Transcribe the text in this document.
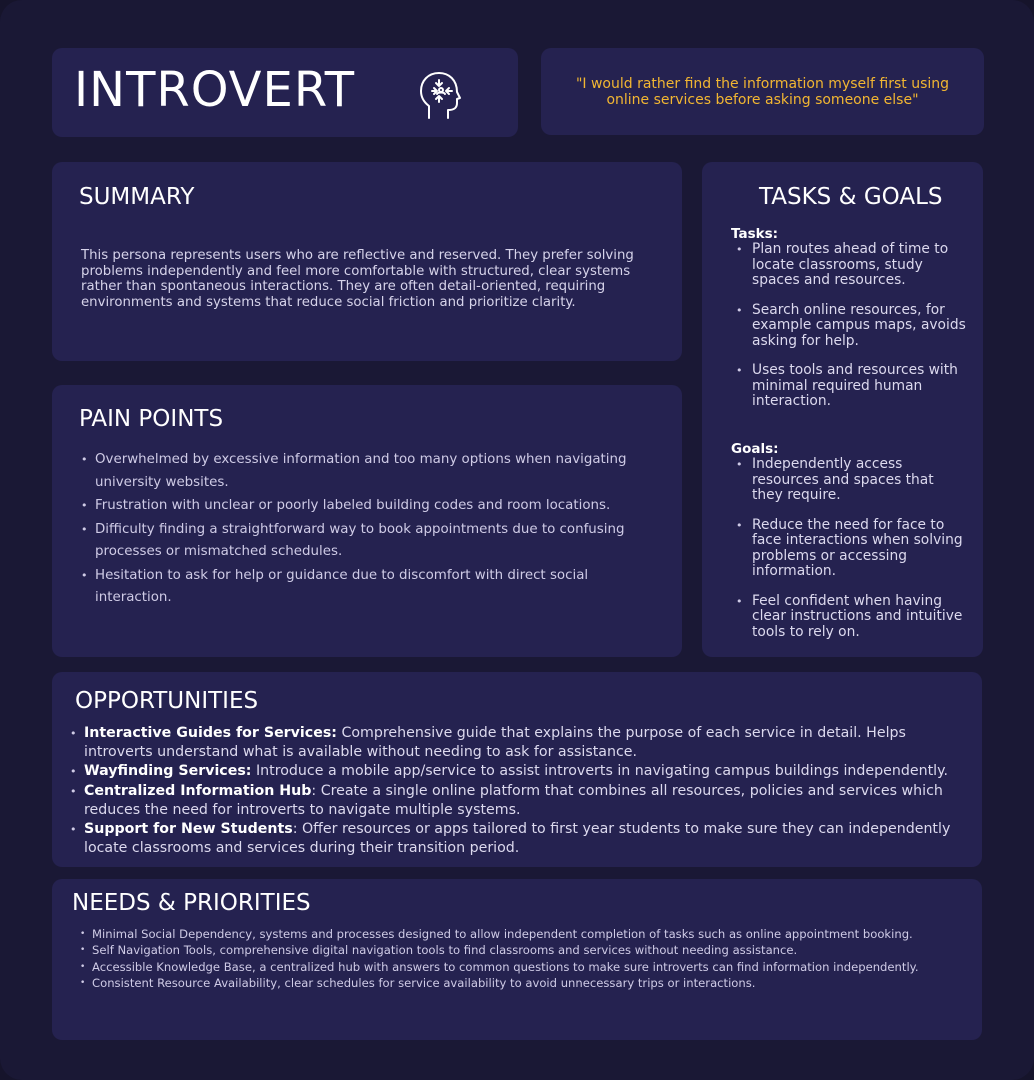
INTROVERT	"I would rather find the information myself first using online services before asking someone else"
SUMMARY
This persona represents users who are reflective and reserved. They prefer solving problems independently and feel more comfortable with structured, clear systems rather than spontaneous interactions. They are often detail-oriented, requiring environments and systems that reduce social friction and prioritize clarity.
PAIN POINTS
• Overwhelmed by excessive information and too many options when navigating university websites.
• Frustration with unclear or poorly labeled building codes and room locations.
• Difficulty finding a straightforward way to book appointments due to confusing processes or mismatched schedules.
• Hesitation to ask for help or guidance due to discomfort with direct social interaction.
TASKS & GOALS
Tasks:
• Plan routes ahead of time to locate classrooms, study spaces and resources.
• Search online resources, for example campus maps, avoids asking for help.
• Uses tools and resources with minimal required human interaction.
Goals:
• Independently access resources and spaces that they require.
• Reduce the need for face to face interactions when solving problems or accessing information.
• Feel confident when having clear instructions and intuitive tools to rely on.
OPPORTUNITIES
• Interactive Guides for Services: Comprehensive guide that explains the purpose of each service in detail. Helps introverts understand what is available without needing to ask for assistance.
• Wayfinding Services: Introduce a mobile app/service to assist introverts in navigating campus buildings independently.
• Centralized Information Hub: Create a single online platform that combines all resources, policies and services which reduces the need for introverts to navigate multiple systems.
• Support for New Students: Offer resources or apps tailored to first year students to make sure they can independently locate classrooms and services during their transition period.
NEEDS & PRIORITIES
• Minimal Social Dependency, systems and processes designed to allow independent completion of tasks such as online appointment booking.
• Self Navigation Tools, comprehensive digital navigation tools to find classrooms and services without needing assistance.
• Accessible Knowledge Base, a centralized hub with answers to common questions to make sure introverts can find information independently.
• Consistent Resource Availability, clear schedules for service availability to avoid unnecessary trips or interactions.
